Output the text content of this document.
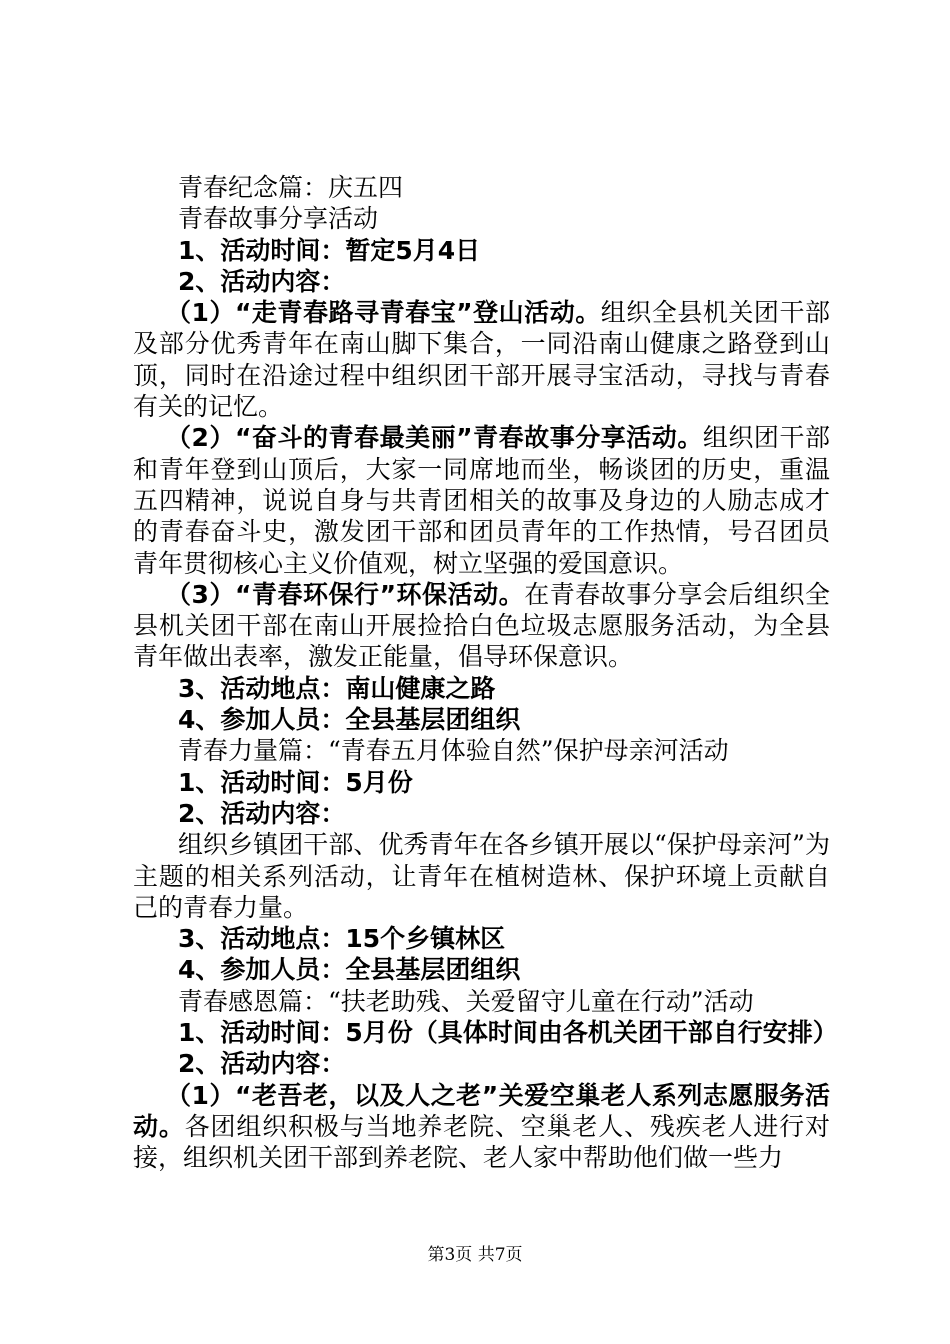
青春纪念篇：庆五四

青春故事分享活动

1、活动时间：暂定5月4日

2、活动内容：

（1）“走青春路寻青春宝”登山活动。组织全县机关团干部及部分优秀青年在南山脚下集合，一同沿南山健康之路登到山顶，同时在沿途过程中组织团干部开展寻宝活动，寻找与青春有关的记忆。

（2）“奋斗的青春最美丽”青春故事分享活动。组织团干部和青年登到山顶后，大家一同席地而坐，畅谈团的历史，重温五四精神，说说自身与共青团相关的故事及身边的人励志成才的青春奋斗史，激发团干部和团员青年的工作热情，号召团员青年贯彻核心主义价值观，树立坚强的爱国意识。

（3）“青春环保行”环保活动。在青春故事分享会后组织全县机关团干部在南山开展捡拾白色垃圾志愿服务活动，为全县青年做出表率，激发正能量，倡导环保意识。

3、活动地点：南山健康之路

4、参加人员：全县基层团组织

青春力量篇：“青春五月体验自然”保护母亲河活动

1、活动时间：5月份

2、活动内容：

组织乡镇团干部、优秀青年在各乡镇开展以“保护母亲河”为主题的相关系列活动，让青年在植树造林、保护环境上贡献自己的青春力量。

3、活动地点：15个乡镇林区

4、参加人员：全县基层团组织

青春感恩篇：“扶老助残、关爱留守儿童在行动”活动

1、活动时间：5月份（具体时间由各机关团干部自行安排）

2、活动内容：

（1）“老吾老，以及人之老”关爱空巢老人系列志愿服务活动。各团组织积极与当地养老院、空巢老人、残疾老人进行对接，组织机关团干部到养老院、老人家中帮助他们做一些力

第3页 共7页
